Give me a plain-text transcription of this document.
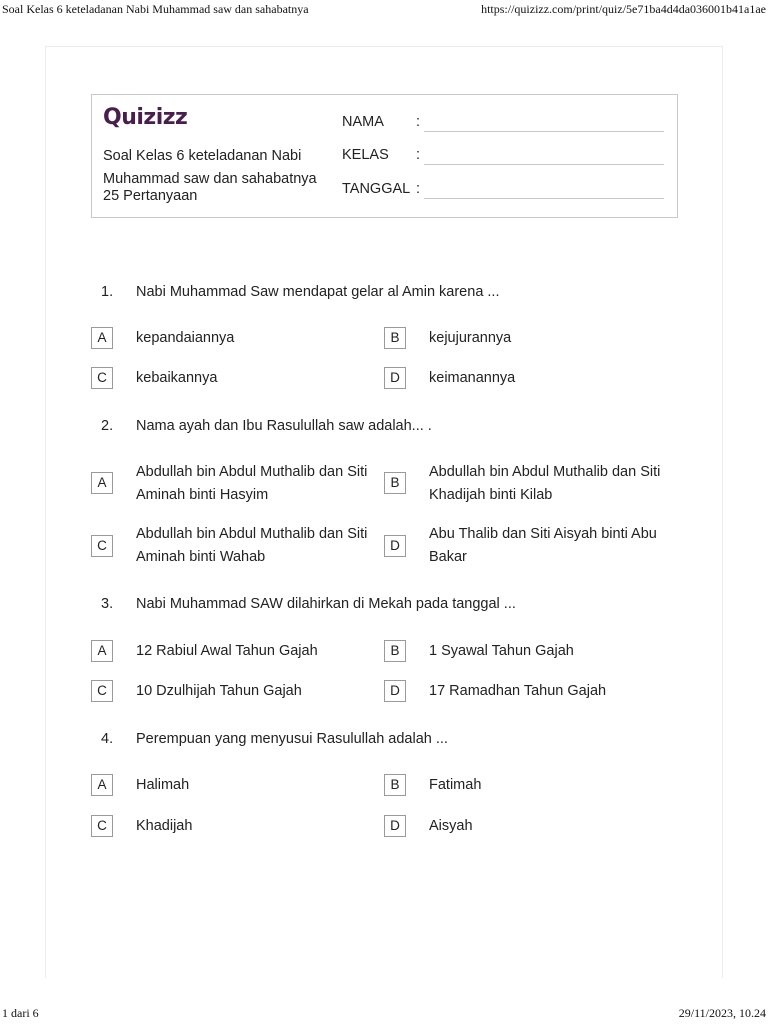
Soal Kelas 6 keteladanan Nabi Muhammad saw dan sahabatnya	https://quizizz.com/print/quiz/5e71ba4d4da036001b41a1ae
Quizizz
Soal Kelas 6 keteladanan Nabi Muhammad saw dan sahabatnya
25 Pertanyaan
NAMA :
KELAS :
TANGGAL :
1. Nabi Muhammad Saw mendapat gelar al Amin karena ...
A	kepandaiannya	B	kejujurannya
C	kebaikannya	D	keimanannya
2. Nama ayah dan Ibu Rasulullah saw adalah... .
A
Abdullah bin Abdul Muthalib dan Siti Aminah binti Hasyim
B
Abdullah bin Abdul Muthalib dan Siti Khadijah binti Kilab
C
Abdullah bin Abdul Muthalib dan Siti Aminah binti Wahab
D
Abu Thalib dan Siti Aisyah binti Abu Bakar
3. Nabi Muhammad SAW dilahirkan di Mekah pada tanggal ...
A	12 Rabiul Awal Tahun Gajah	B	1 Syawal Tahun Gajah
C	10 Dzulhijah Tahun Gajah	D	17 Ramadhan Tahun Gajah
4. Perempuan yang menyusui Rasulullah adalah ...
A	Halimah	B	Fatimah
C	Khadijah	D	Aisyah
1 dari 6	29/11/2023, 10.24
